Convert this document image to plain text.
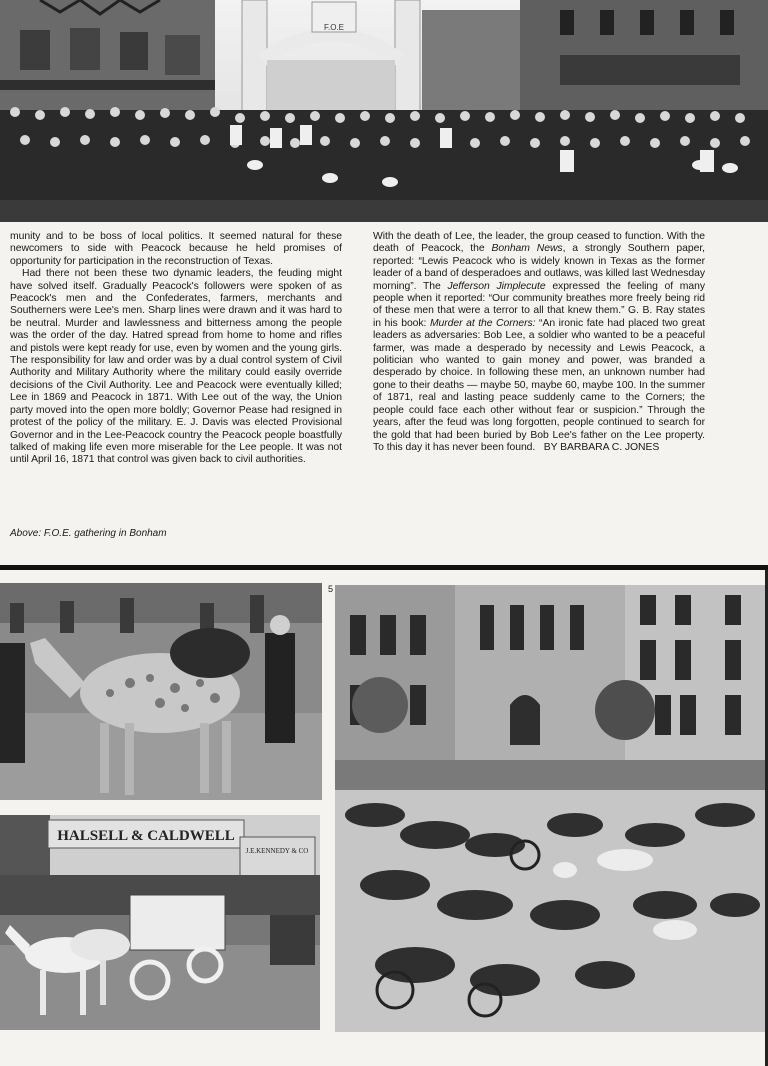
F.O.E

munity and to be boss of local politics. It seemed natural for these newcomers to side with Peacock because he held promises of opportunity for participation in the reconstruction of Texas.

Had there not been these two dynamic leaders, the feuding might have solved itself. Gradually Peacock's followers were spoken of as Peacock's men and the Confederates, farmers, merchants and Southerners were Lee's men. Sharp lines were drawn and it was hard to be neutral. Murder and lawlessness and bitterness among the people was the order of the day. Hatred spread from home to home and rifles and pistols were kept ready for use, even by women and the young girls. The responsibility for law and order was by a dual control system of Civil Authority and Military Authority where the military could easily override decisions of the Civil Authority. Lee and Peacock were eventually killed; Lee in 1869 and Peacock in 1871. With Lee out of the way, the Union party moved into the open more boldly; Governor Pease had resigned in protest of the policy of the military. E. J. Davis was elected Provisional Governor and in the Lee-Peacock country the Peacock people boastfully talked of making life even more miserable for the Lee people. It was not until April 16, 1871 that control was given back to civil authorities.

With the death of Lee, the leader, the group ceased to function. With the death of Peacock, the Bonham News, a strongly Southern paper, reported: “Lewis Peacock who is widely known in Texas as the former leader of a band of desperadoes and outlaws, was killed last Wednesday morning”. The Jefferson Jimplecute expressed the feeling of many people when it reported: “Our community breathes more freely being rid of these men that were a terror to all that knew them.” G. B. Ray states in his book: Murder at the Corners: “An ironic fate had placed two great leaders as adversaries: Bob Lee, a soldier who wanted to be a peaceful farmer, was made a desperado by necessity and Lewis Peacock, a politician who wanted to gain money and power, was branded a desperado by choice. In following these men, an unknown number had gone to their deaths — maybe 50, maybe 60, maybe 100. In the summer of 1871, real and lasting peace suddenly came to the Corners; the people could face each other without fear or suspicion.” Through the years, after the feud was long forgotten, people continued to search for the gold that had been buried by Bob Lee's father on the Lee property. To this day it has never been found. BY BARBARA C. JONES

Above: F.O.E. gathering in Bonham
5
HALSELL & CALDWELL
J.E.KENNEDY & CO
